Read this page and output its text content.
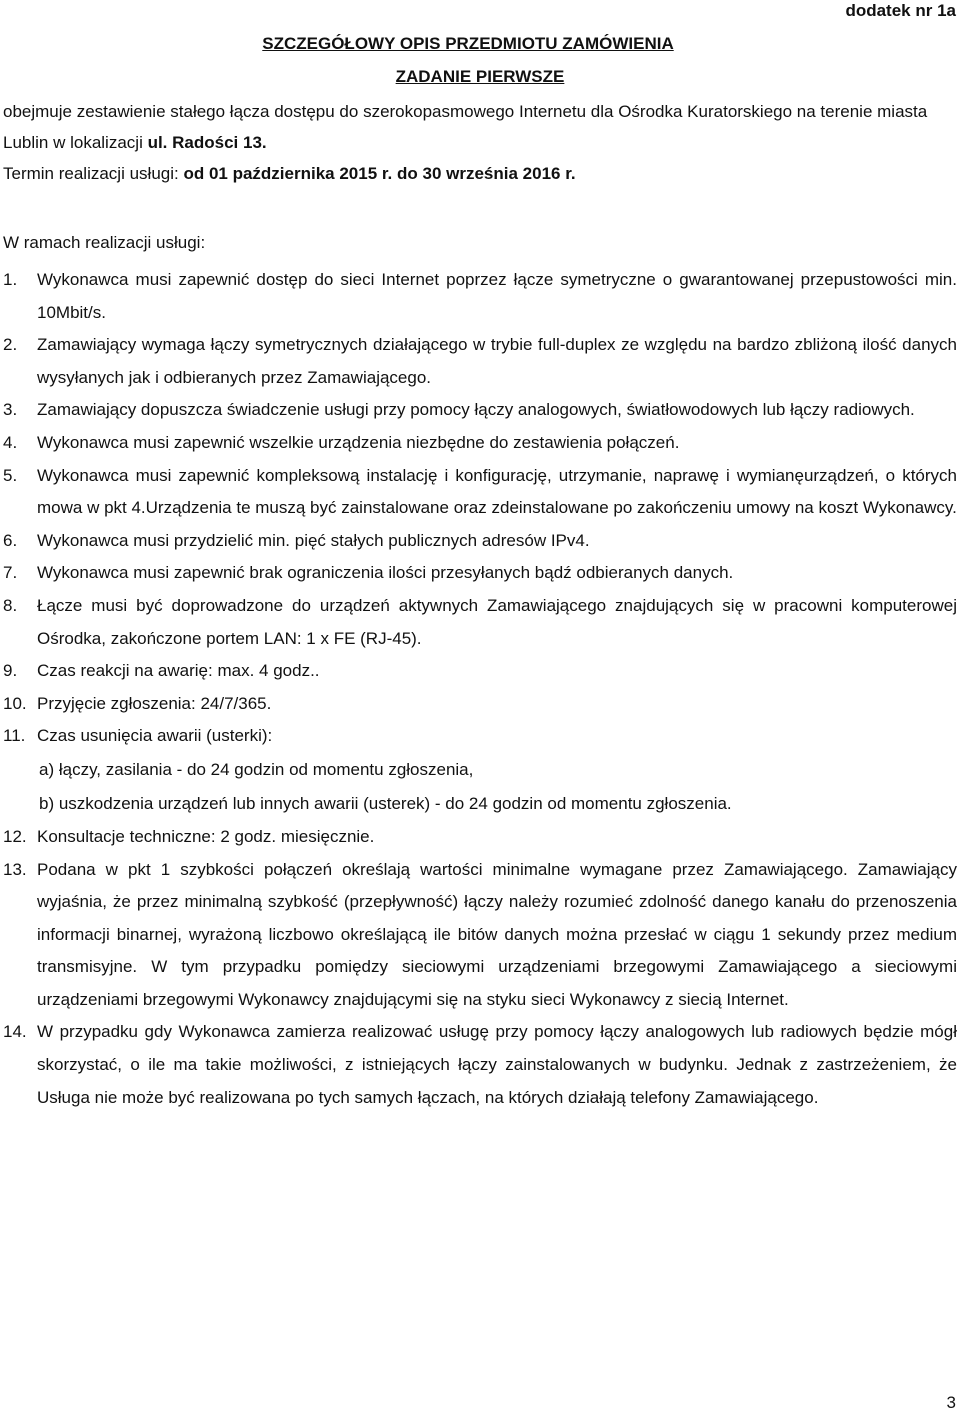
dodatek nr 1a
SZCZEGÓŁOWY OPIS PRZEDMIOTU ZAMÓWIENIA
ZADANIE PIERWSZE
obejmuje zestawienie stałego łącza dostępu do szerokopasmowego Internetu dla Ośrodka Kuratorskiego na terenie miasta Lublin w lokalizacji ul. Radości 13.
Termin realizacji usługi: od 01 października 2015 r. do 30 września 2016 r.
W ramach realizacji usługi:
1. Wykonawca musi zapewnić dostęp do sieci Internet poprzez łącze symetryczne o gwarantowanej przepustowości min. 10Mbit/s.
2. Zamawiający wymaga łączy symetrycznych działającego w trybie full-duplex ze względu na bardzo zbliżoną ilość danych wysyłanych jak i odbieranych przez Zamawiającego.
3. Zamawiający dopuszcza świadczenie usługi przy pomocy łączy analogowych, światłowodowych lub łączy radiowych.
4. Wykonawca musi zapewnić wszelkie urządzenia niezbędne do zestawienia połączeń.
5. Wykonawca musi zapewnić kompleksową instalację i konfigurację, utrzymanie, naprawę i wymianęurządzeń, o których mowa w pkt 4.Urządzenia te muszą być zainstalowane oraz zdeinstalowane po zakończeniu umowy na koszt Wykonawcy.
6. Wykonawca musi przydzielić min. pięć stałych publicznych adresów IPv4.
7. Wykonawca musi zapewnić brak ograniczenia ilości przesyłanych bądź odbieranych danych.
8. Łącze musi być doprowadzone do urządzeń aktywnych Zamawiającego znajdujących się w pracowni komputerowej Ośrodka, zakończone portem LAN: 1 x FE (RJ-45).
9. Czas reakcji na awarię: max. 4 godz..
10. Przyjęcie zgłoszenia: 24/7/365.
11. Czas usunięcia awarii (usterki):
a) łączy, zasilania - do 24 godzin od momentu zgłoszenia,
b) uszkodzenia urządzeń lub innych awarii (usterek) - do 24 godzin od momentu zgłoszenia.
12. Konsultacje techniczne: 2 godz. miesięcznie.
13. Podana w pkt 1 szybkości połączeń określają wartości minimalne wymagane przez Zamawiającego. Zamawiający wyjaśnia, że przez minimalną szybkość (przepływność) łączy należy rozumieć zdolność danego kanału do przenoszenia informacji binarnej, wyrażoną liczbowo określającą ile bitów danych można przesłać w ciągu 1 sekundy przez medium transmisyjne. W tym przypadku pomiędzy sieciowymi urządzeniami brzegowymi Zamawiającego a sieciowymi urządzeniami brzegowymi Wykonawcy znajdującymi się na styku sieci Wykonawcy z siecią Internet.
14. W przypadku gdy Wykonawca zamierza realizować usługę przy pomocy łączy analogowych lub radiowych będzie mógł skorzystać, o ile ma takie możliwości, z istniejących łączy zainstalowanych w budynku. Jednak z zastrzeżeniem, że Usługa nie może być realizowana po tych samych łączach, na których działają telefony Zamawiającego.
3
